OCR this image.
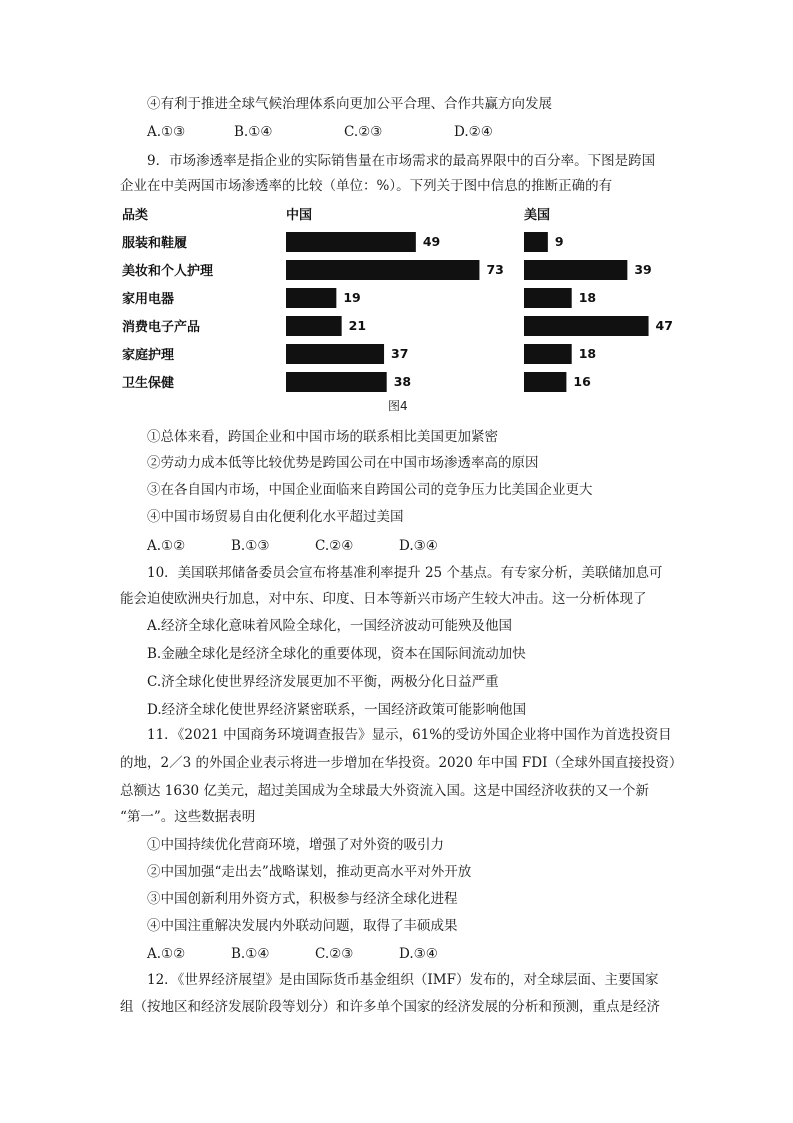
④有利于推进全球气候治理体系向更加公平合理、合作共赢方向发展
A.①③	B.①④	C.②③	D.②④
9．市场渗透率是指企业的实际销售量在市场需求的最高界限中的百分率。下图是跨国
企业在中美两国市场渗透率的比较（单位：%）。下列关于图中信息的推断正确的有
品类	中国	美国
服装和鞋履	49	9
美妆和个人护理	73	39
家用电器	19	18
消费电子产品	21	47
家庭护理	37	18
卫生保健	38	16
图4
①总体来看，跨国企业和中国市场的联系相比美国更加紧密
②劳动力成本低等比较优势是跨国公司在中国市场渗透率高的原因
③在各自国内市场，中国企业面临来自跨国公司的竞争压力比美国企业更大
④中国市场贸易自由化便利化水平超过美国
A.①②	B.①③	C.②④	D.③④
10．美国联邦储备委员会宣布将基准利率提升 25 个基点。有专家分析，美联储加息可
能会迫使欧洲央行加息，对中东、印度、日本等新兴市场产生较大冲击。这一分析体现了
A.经济全球化意味着风险全球化，一国经济波动可能殃及他国
B.金融全球化是经济全球化的重要体现，资本在国际间流动加快
C.济全球化使世界经济发展更加不平衡，两极分化日益严重
D.经济全球化使世界经济紧密联系，一国经济政策可能影响他国
11．《2021 中国商务环境调查报告》显示，61%的受访外国企业将中国作为首选投资目
的地，2／3 的外国企业表示将进一步增加在华投资。2020 年中国 FDI（全球外国直接投资）
总额达 1630 亿美元，超过美国成为全球最大外资流入国。这是中国经济收获的又一个新
“第一”。这些数据表明
①中国持续优化营商环境，增强了对外资的吸引力
②中国加强“走出去”战略谋划，推动更高水平对外开放
③中国创新利用外资方式，积极参与经济全球化进程
④中国注重解决发展内外联动问题，取得了丰硕成果
A.①②	B.①④	C.②③	D.③④
12．《世界经济展望》是由国际货币基金组织（IMF）发布的，对全球层面、主要国家
组（按地区和经济发展阶段等划分）和许多单个国家的经济发展的分析和预测，重点是经济
